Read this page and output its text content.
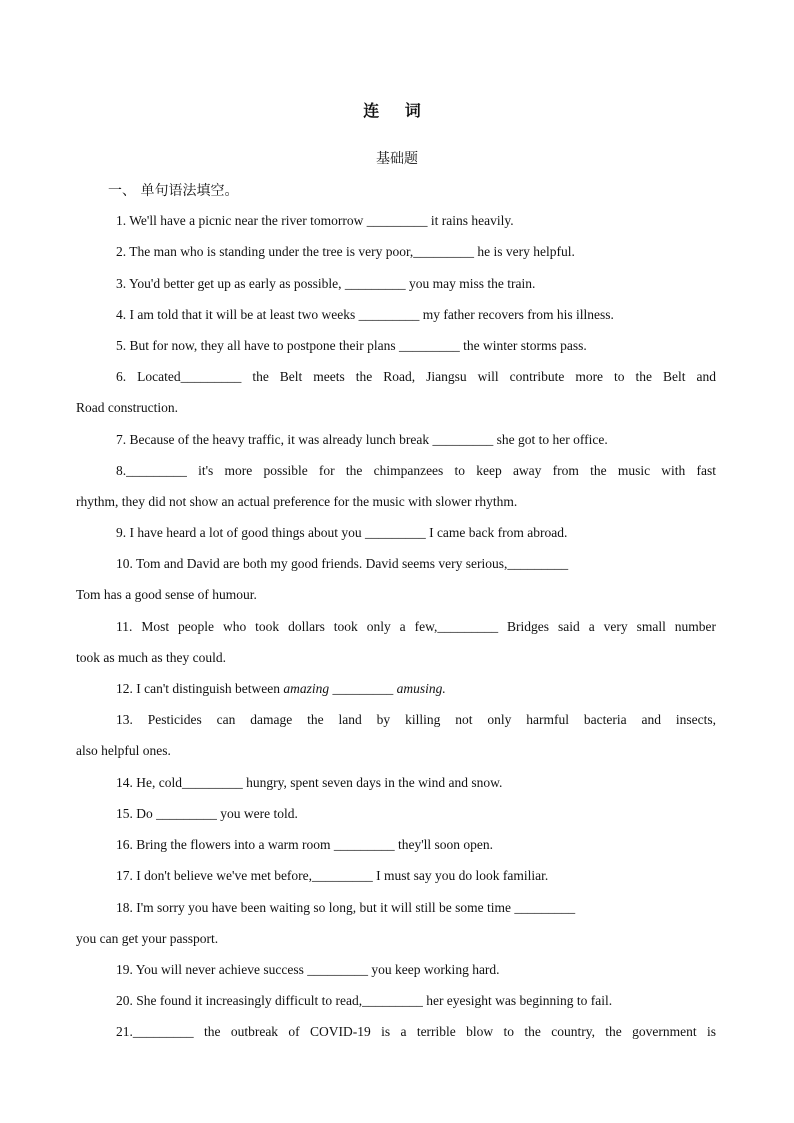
连 词
基础题
一、 单句语法填空。
1. We'll have a picnic near the river tomorrow _________ it rains heavily.
2. The man who is standing under the tree is very poor,_________ he is very helpful.
3. You'd better get up as early as possible, _________ you may miss the train.
4. I am told that it will be at least two weeks _________ my father recovers from his illness.
5. But for now, they all have to postpone their plans _________ the winter storms pass.
6. Located_________ the Belt meets the Road, Jiangsu will contribute more to the Belt and
Road construction.
7. Because of the heavy traffic, it was already lunch break _________ she got to her office.
8._________ it's more possible for the chimpanzees to keep away from the music with fast
rhythm, they did not show an actual preference for the music with slower rhythm.
9. I have heard a lot of good things about you _________ I came back from abroad.
10. Tom and David are both my good friends. David seems very serious,_________
Tom has a good sense of humour.
11. Most people who took dollars took only a few,_________ Bridges said a very small number
took as much as they could.
12. I can't distinguish between amazing _________ amusing.
13. Pesticides can damage the land by killing not only harmful bacteria and insects,
also helpful ones.
14. He, cold_________ hungry, spent seven days in the wind and snow.
15. Do _________ you were told.
16. Bring the flowers into a warm room _________ they'll soon open.
17. I don't believe we've met before,_________ I must say you do look familiar.
18. I'm sorry you have been waiting so long, but it will still be some time _________
you can get your passport.
19. You will never achieve success _________ you keep working hard.
20. She found it increasingly difficult to read,_________ her eyesight was beginning to fail.
21._________ the outbreak of COVID-19 is a terrible blow to the country, the government is
